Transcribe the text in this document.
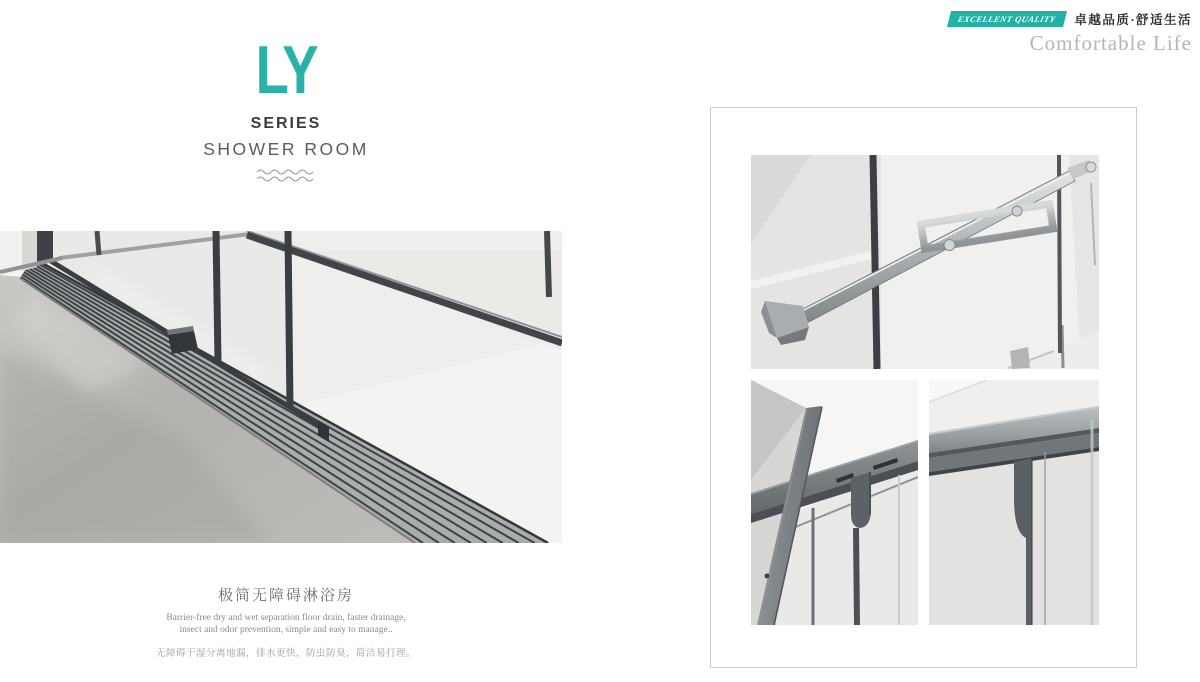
EXCELLENT QUALITY	卓越品质·舒适生活
Comfortable Life
LY
SERIES
SHOWER ROOM
极简无障碍淋浴房
Barrier-free dry and wet separation floor drain, faster drainage,
insect and odor prevention, simple and easy to manage..
无障碍干湿分离地漏，排水更快，防虫防臭，简洁易打理。
